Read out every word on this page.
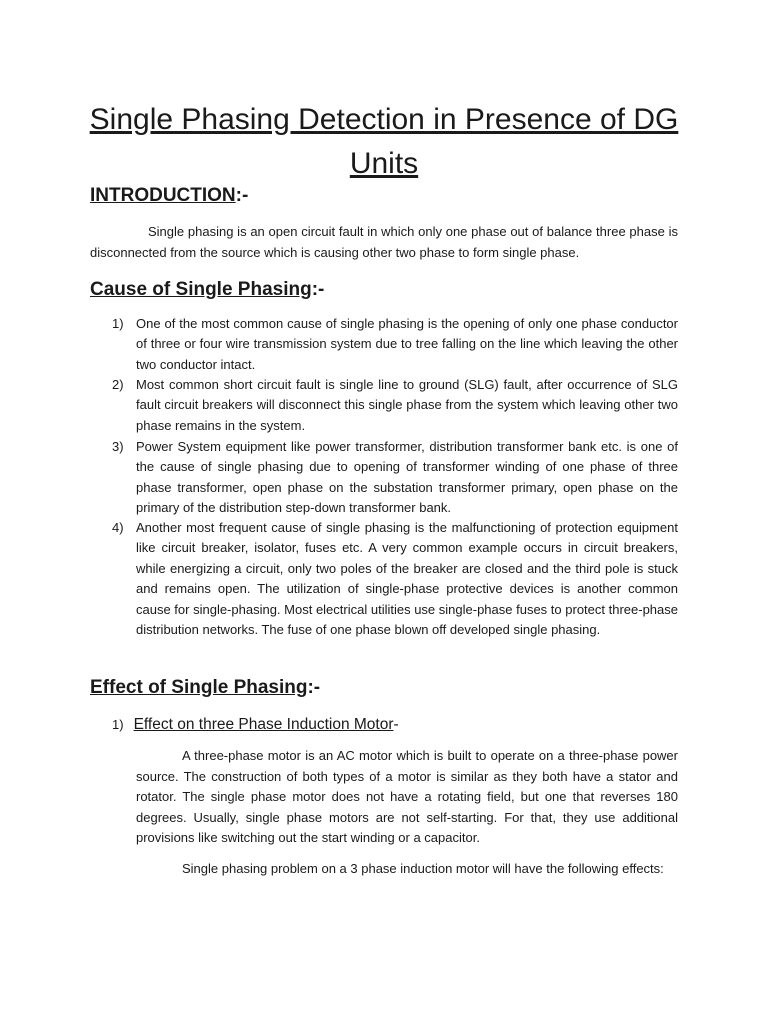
Single Phasing Detection in Presence of DG Units
INTRODUCTION:-
Single phasing is an open circuit fault in which only one phase out of balance three phase is disconnected from the source which is causing other two phase to form single phase.
Cause of Single Phasing:-
1) One of the most common cause of single phasing is the opening of only one phase conductor of three or four wire transmission system due to tree falling on the line which leaving the other two conductor intact.
2) Most common short circuit fault is single line to ground (SLG) fault, after occurrence of SLG fault circuit breakers will disconnect this single phase from the system which leaving other two phase remains in the system.
3) Power System equipment like power transformer, distribution transformer bank etc. is one of the cause of single phasing due to opening of transformer winding of one phase of three phase transformer, open phase on the substation transformer primary, open phase on the primary of the distribution step-down transformer bank.
4) Another most frequent cause of single phasing is the malfunctioning of protection equipment like circuit breaker, isolator, fuses etc. A very common example occurs in circuit breakers, while energizing a circuit, only two poles of the breaker are closed and the third pole is stuck and remains open. The utilization of single-phase protective devices is another common cause for single-phasing. Most electrical utilities use single-phase fuses to protect three-phase distribution networks. The fuse of one phase blown off developed single phasing.
Effect of Single Phasing:-
1) Effect on three Phase Induction Motor-
A three-phase motor is an AC motor which is built to operate on a three-phase power source. The construction of both types of a motor is similar as they both have a stator and rotator. The single phase motor does not have a rotating field, but one that reverses 180 degrees. Usually, single phase motors are not self-starting. For that, they use additional provisions like switching out the start winding or a capacitor.
Single phasing problem on a 3 phase induction motor will have the following effects:
